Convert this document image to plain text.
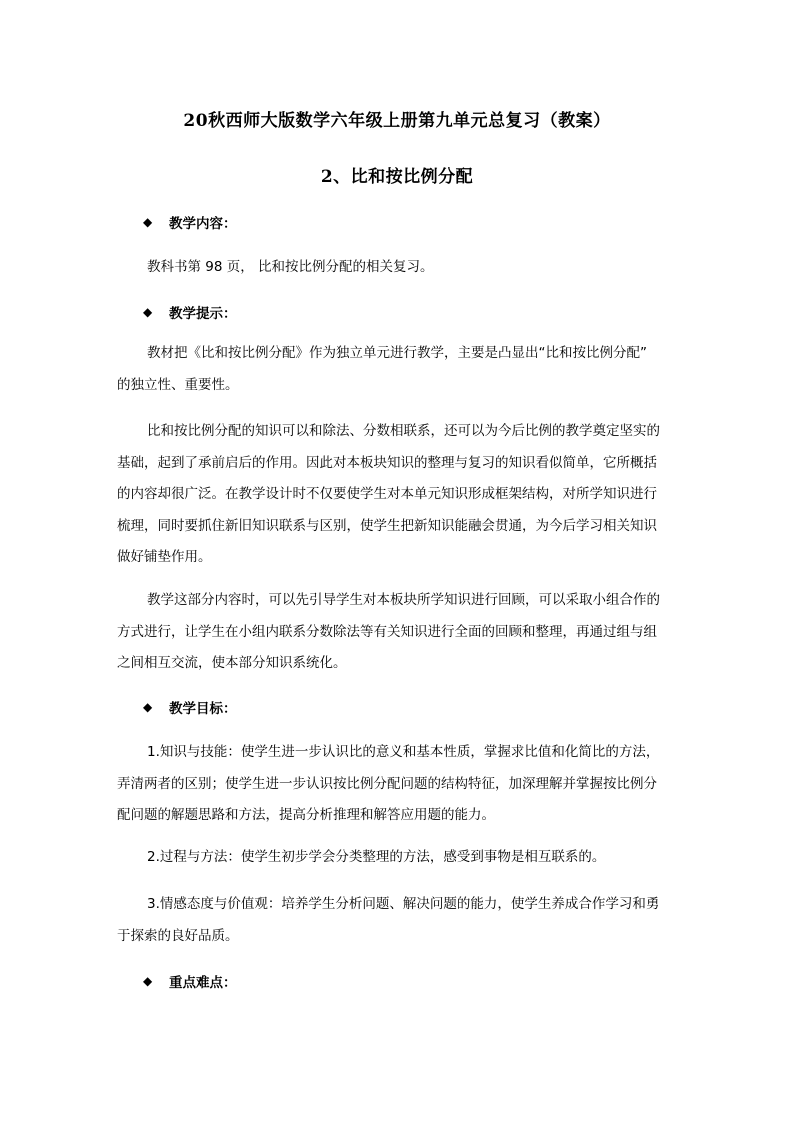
20秋西师大版数学六年级上册第九单元总复习（教案）
2、比和按比例分配
◆ 教学内容：

教科书第 98 页， 比和按比例分配的相关复习。

◆ 教学提示：

教材把《比和按比例分配》作为独立单元进行教学，主要是凸显出“比和按比例分配”
的独立性、重要性。

比和按比例分配的知识可以和除法、分数相联系，还可以为今后比例的教学奠定坚实的
基础，起到了承前启后的作用。因此对本板块知识的整理与复习的知识看似简单，它所概括
的内容却很广泛。在教学设计时不仅要使学生对本单元知识形成框架结构，对所学知识进行
梳理，同时要抓住新旧知识联系与区别，使学生把新知识能融会贯通，为今后学习相关知识
做好铺垫作用。

教学这部分内容时，可以先引导学生对本板块所学知识进行回顾，可以采取小组合作的
方式进行，让学生在小组内联系分数除法等有关知识进行全面的回顾和整理，再通过组与组
之间相互交流，使本部分知识系统化。

◆ 教学目标：

1.知识与技能：使学生进一步认识比的意义和基本性质，掌握求比值和化简比的方法，
弄清两者的区别；使学生进一步认识按比例分配问题的结构特征，加深理解并掌握按比例分
配问题的解题思路和方法，提高分析推理和解答应用题的能力。

2.过程与方法：使学生初步学会分类整理的方法，感受到事物是相互联系的。

3.情感态度与价值观：培养学生分析问题、解决问题的能力，使学生养成合作学习和勇
于探索的良好品质。

◆ 重点难点：
